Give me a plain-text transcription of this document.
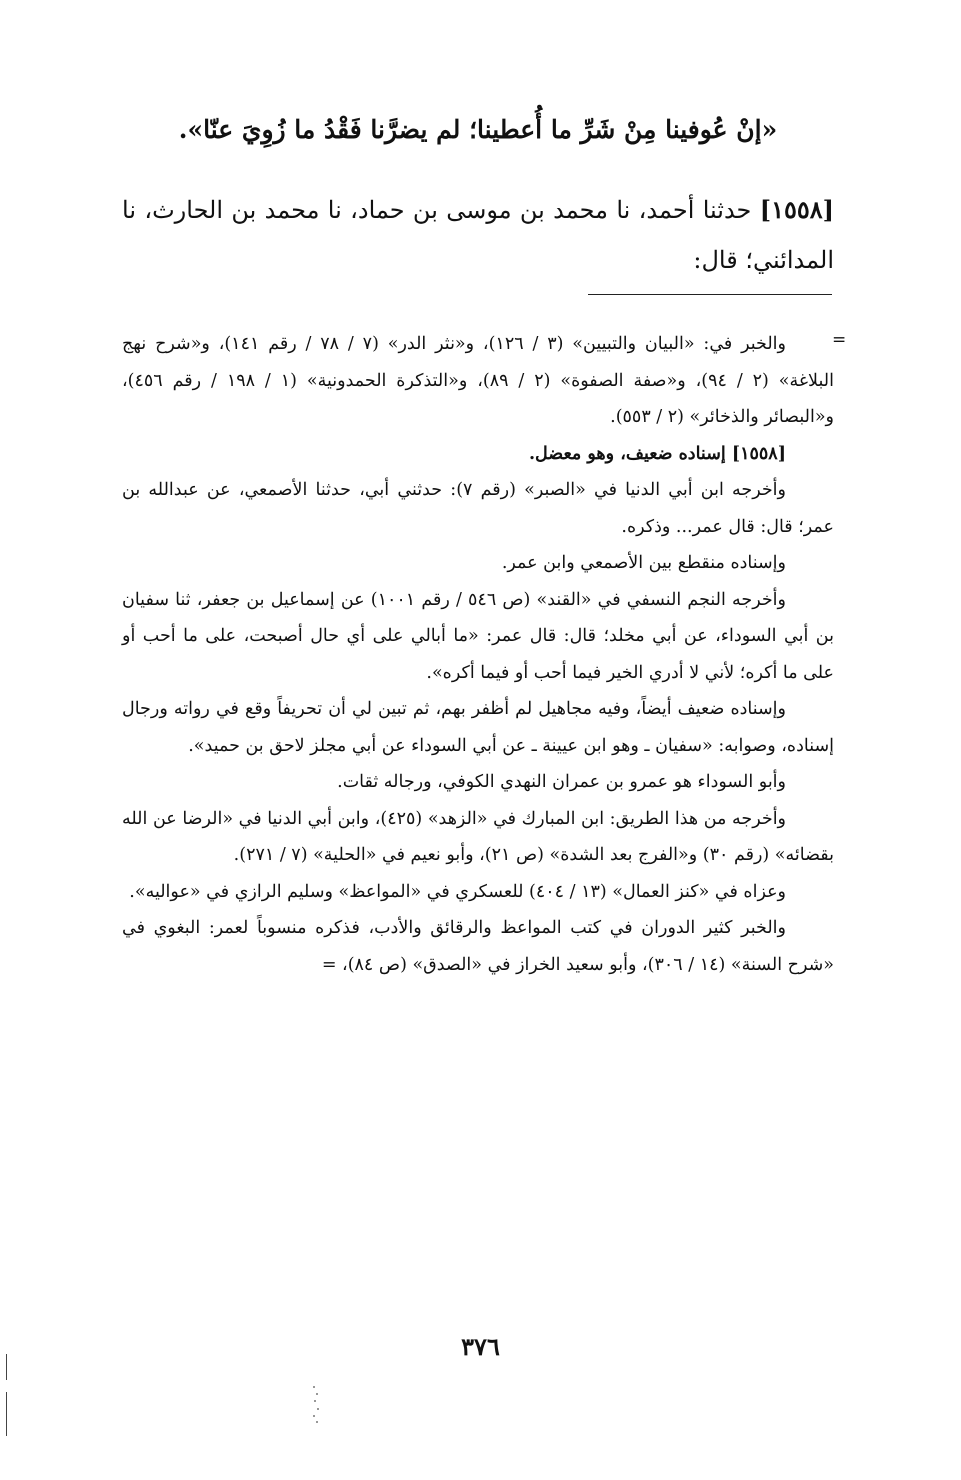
«إنْ عُوفينا مِنْ شَرِّ ما أُعطينا؛ لم يضرَّنا فَقْدُ ما زُوِيَ عنّا».
[١٥٥٨] حدثنا أحمد، نا محمد بن موسى بن حماد، نا محمد بن الحارث، نا المدائني؛ قال:
=

والخبر في: «البيان والتبيين» (٣ / ١٢٦)، و«نثر الدر» (٧ / ٧٨ / رقم ١٤١)، و«شرح نهج البلاغة» (٢ / ٩٤)، و«صفة الصفوة» (٢ / ٨٩)، و«التذكرة الحمدونية» (١ / ١٩٨ / رقم ٤٥٦)، و«البصائر والذخائر» (٢ / ٥٥٣).

[١٥٥٨] إسناده ضعيف، وهو معضل.

وأخرجه ابن أبي الدنيا في «الصبر» (رقم ٧): حدثني أبي، حدثنا الأصمعي، عن عبدالله بن عمر؛ قال: قال عمر... وذكره.

وإسناده منقطع بين الأصمعي وابن عمر.

وأخرجه النجم النسفي في «القند» (ص ٥٤٦ / رقم ١٠٠١) عن إسماعيل بن جعفر، ثنا سفيان بن أبي السوداء، عن أبي مخلد؛ قال: قال عمر: «ما أبالي على أي حال أصبحت، على ما أحب أو على ما أكره؛ لأني لا أدري الخير فيما أحب أو فيما أكره».

وإسناده ضعيف أيضاً، وفيه مجاهيل لم أظفر بهم، ثم تبين لي أن تحريفاً وقع في رواته ورجال إسناده، وصوابه: «سفيان ـ وهو ابن عيينة ـ عن أبي السوداء عن أبي مجلز لاحق بن حميد».

وأبو السوداء هو عمرو بن عمران النهدي الكوفي، ورجاله ثقات.

وأخرجه من هذا الطريق: ابن المبارك في «الزهد» (٤٢٥)، وابن أبي الدنيا في «الرضا عن الله بقضائه» (رقم ٣٠) و«الفرج بعد الشدة» (ص ٢١)، وأبو نعيم في «الحلية» (٧ / ٢٧١).

وعزاه في «كنز العمال» (١٣ / ٤٠٤) للعسكري في «المواعظ» وسليم الرازي في «عواليه».

والخبر كثير الدوران في كتب المواعظ والرقائق والأدب، فذكره منسوباً لعمر: البغوي في «شرح السنة» (١٤ / ٣٠٦)، وأبو سعيد الخراز في «الصدق» (ص ٨٤)، =

٣٧٦
